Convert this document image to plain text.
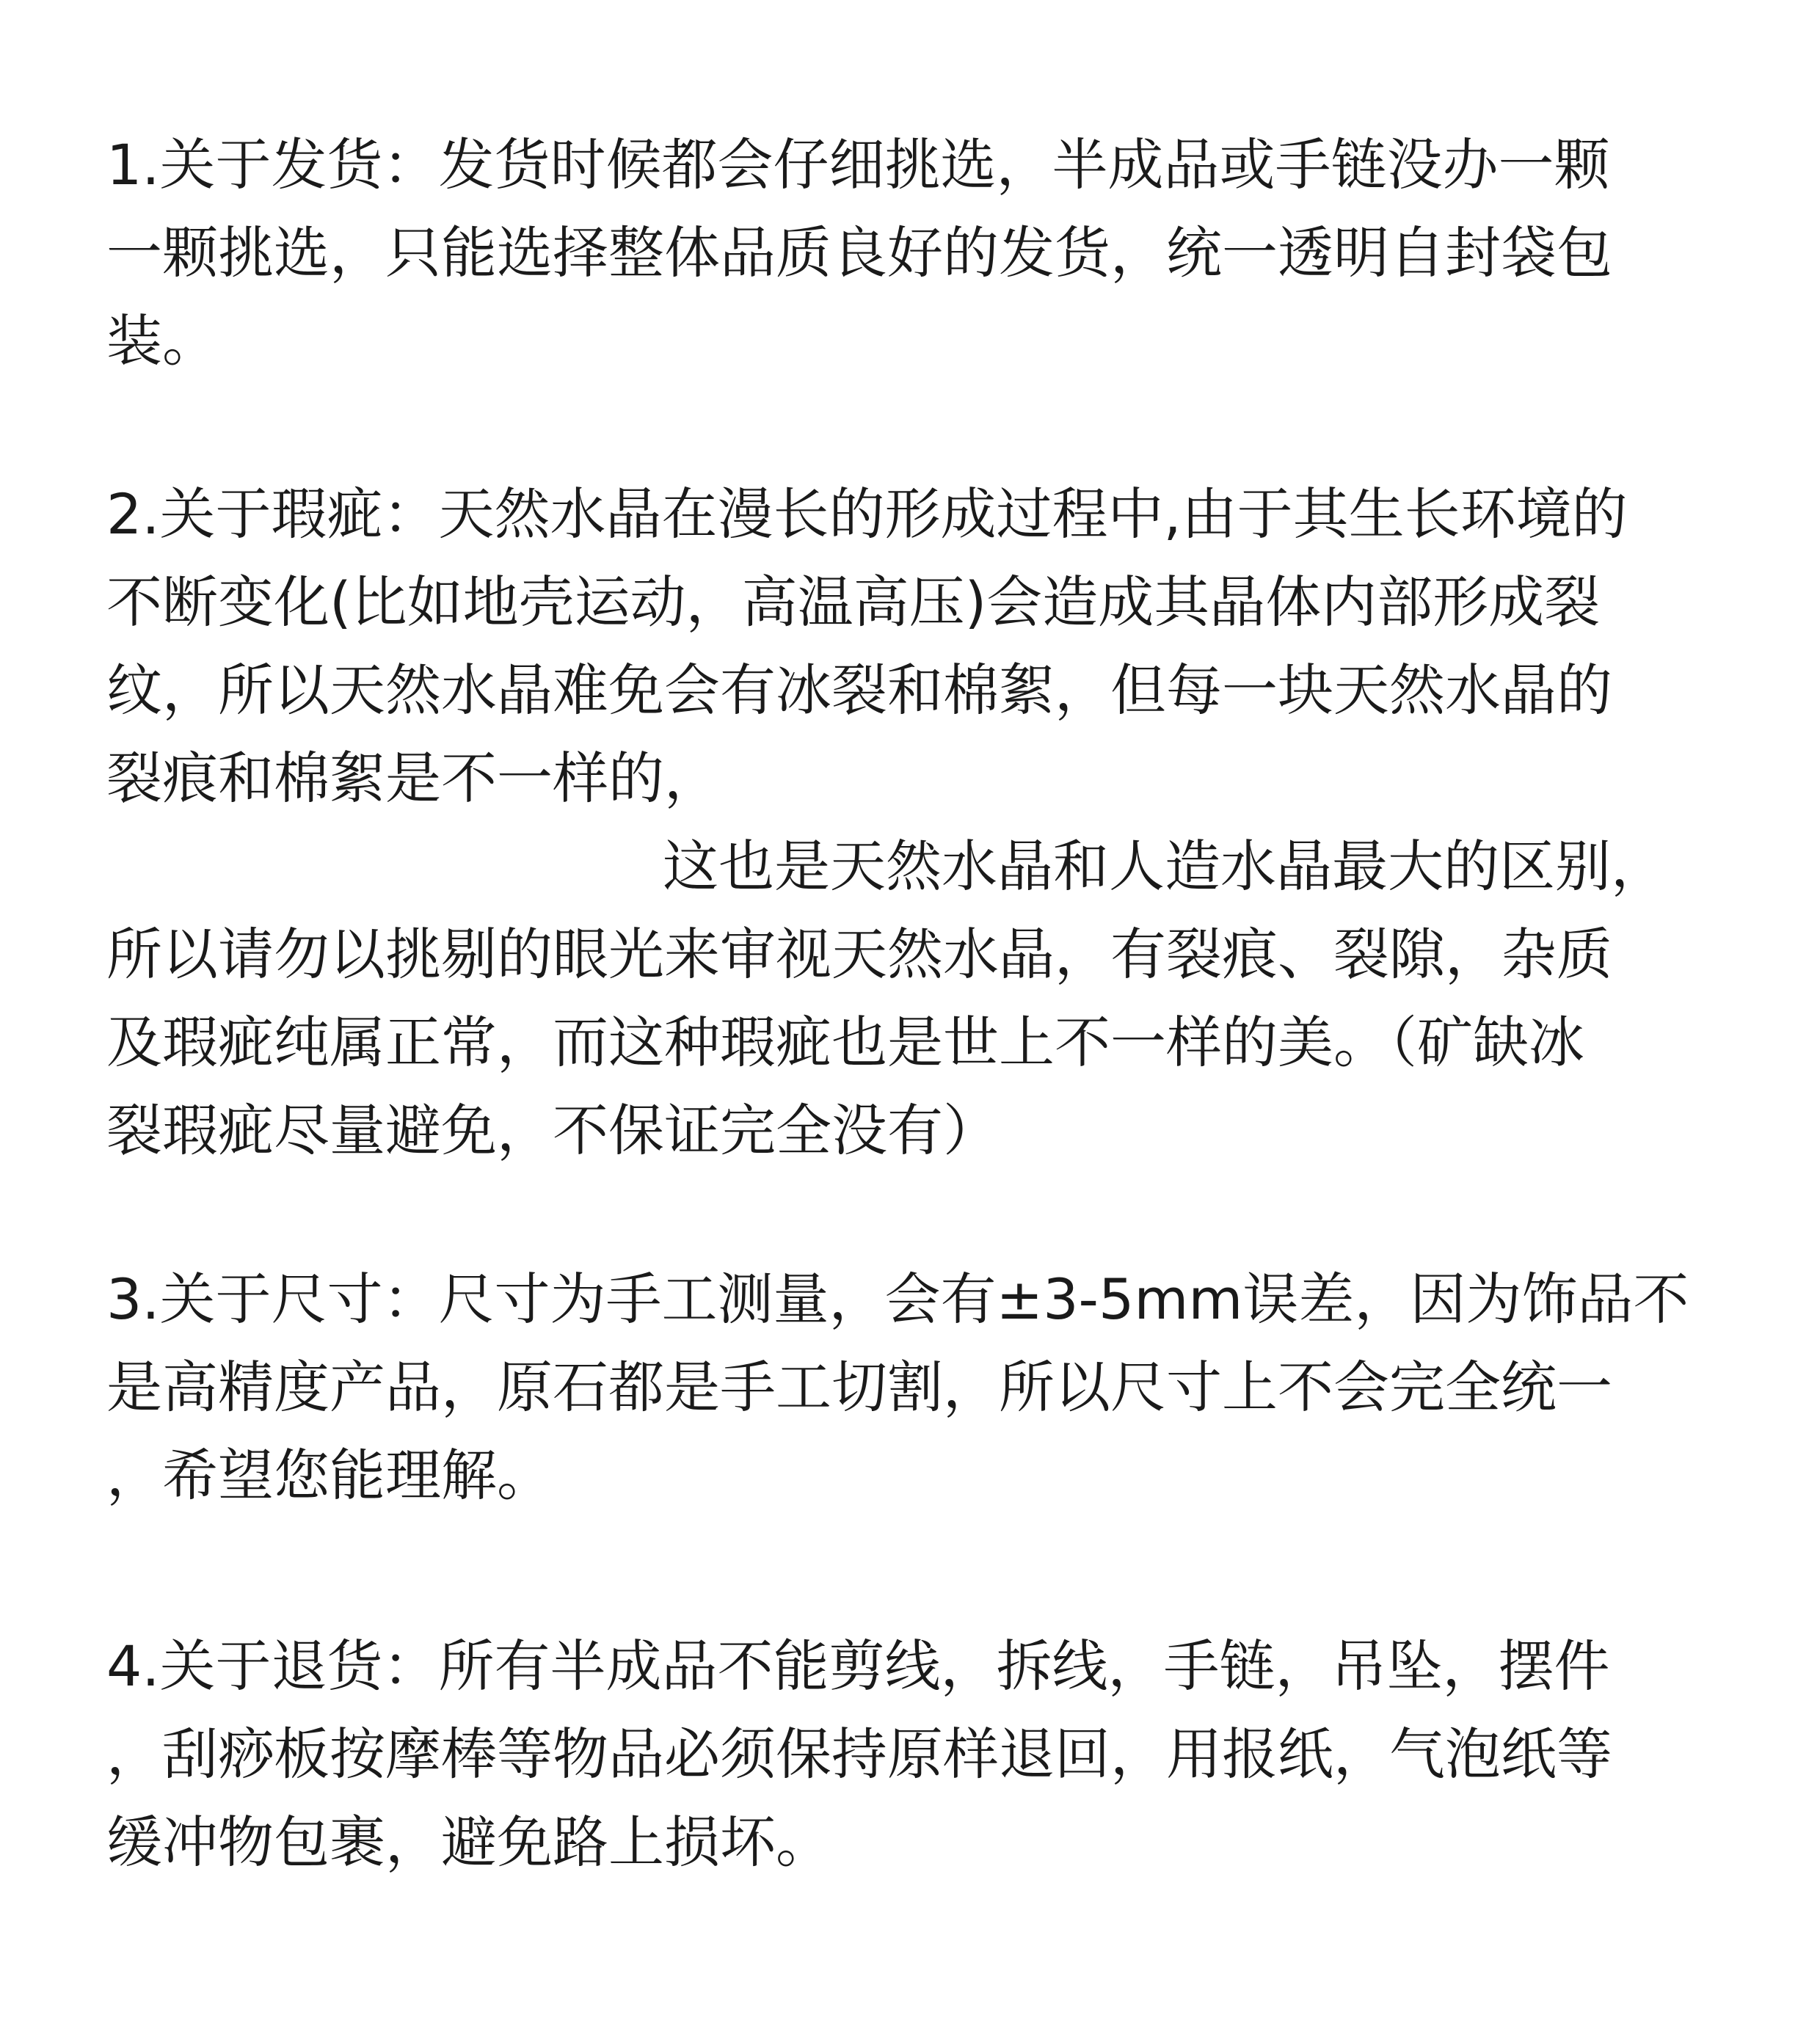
1.关于发货：发货时候都会仔细挑选，半成品或手链没办一颗
一颗挑选，只能选择整体品质良好的发货，统一透明自封袋包
装。

2.关于瑕疵：天然水晶在漫长的形成过程中,由于其生长环境的
不断变化(比如地壳运动，高温高压)会造成其晶体内部形成裂
纹，所以天然水晶难免会有冰裂和棉絮，但每一块天然水晶的
裂痕和棉絮是不一样的，
这也是天然水晶和人造水晶最大的区别，
所以请勿以挑剔的眼光来审视天然水晶，有裂痕、裂隙，杂质
及瑕疵纯属正常，而这种瑕疵也是世上不一样的美。（矿缺冰
裂瑕疵尽量避免，不保证完全没有）

3.关于尺寸：尺寸为手工测量，会有±3-5mm误差，因为饰品不
是高精度产品，原石都是手工切割，所以尺寸上不会完全统一
，希望您能理解。

4.关于退货：所有半成品不能剪线，拆线，手链，吊坠，摆件
，刮痧板按摩棒等物品必须保持原样退回，用报纸，气泡纸等
缓冲物包裹，避免路上损坏。
